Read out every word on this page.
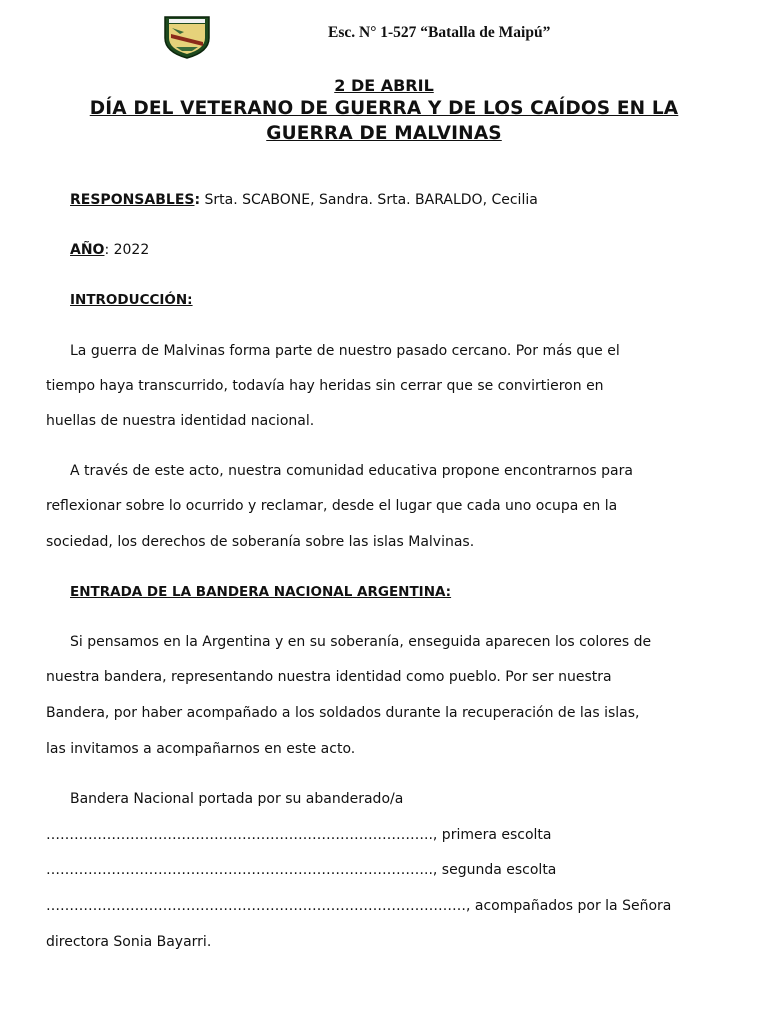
Esc. N° 1-527 “Batalla de Maipú”
2 DE ABRIL
DÍA DEL VETERANO DE GUERRA Y DE LOS CAÍDOS EN LA
GUERRA DE MALVINAS
RESPONSABLES: Srta. SCABONE, Sandra. Srta. BARALDO, Cecilia
AÑO: 2022
INTRODUCCIÓN:
La guerra de Malvinas forma parte de nuestro pasado cercano. Por más que el
tiempo haya transcurrido, todavía hay heridas sin cerrar que se convirtieron en
huellas de nuestra identidad nacional.
A través de este acto, nuestra comunidad educativa propone encontrarnos para
reflexionar sobre lo ocurrido y reclamar, desde el lugar que cada uno ocupa en la
sociedad, los derechos de soberanía sobre las islas Malvinas.
ENTRADA DE LA BANDERA NACIONAL ARGENTINA:
Si pensamos en la Argentina y en su soberanía, enseguida aparecen los colores de
nuestra bandera, representando nuestra identidad como pueblo. Por ser nuestra
Bandera, por haber acompañado a los soldados durante la recuperación de las islas,
las invitamos a acompañarnos en este acto.
Bandera Nacional portada por su abanderado/a
……………………………………………………………………….., primera escolta
……………………………………………………………………….., segunda escolta
………………………………………………………………………………, acompañados por la Señora
directora Sonia Bayarri.
